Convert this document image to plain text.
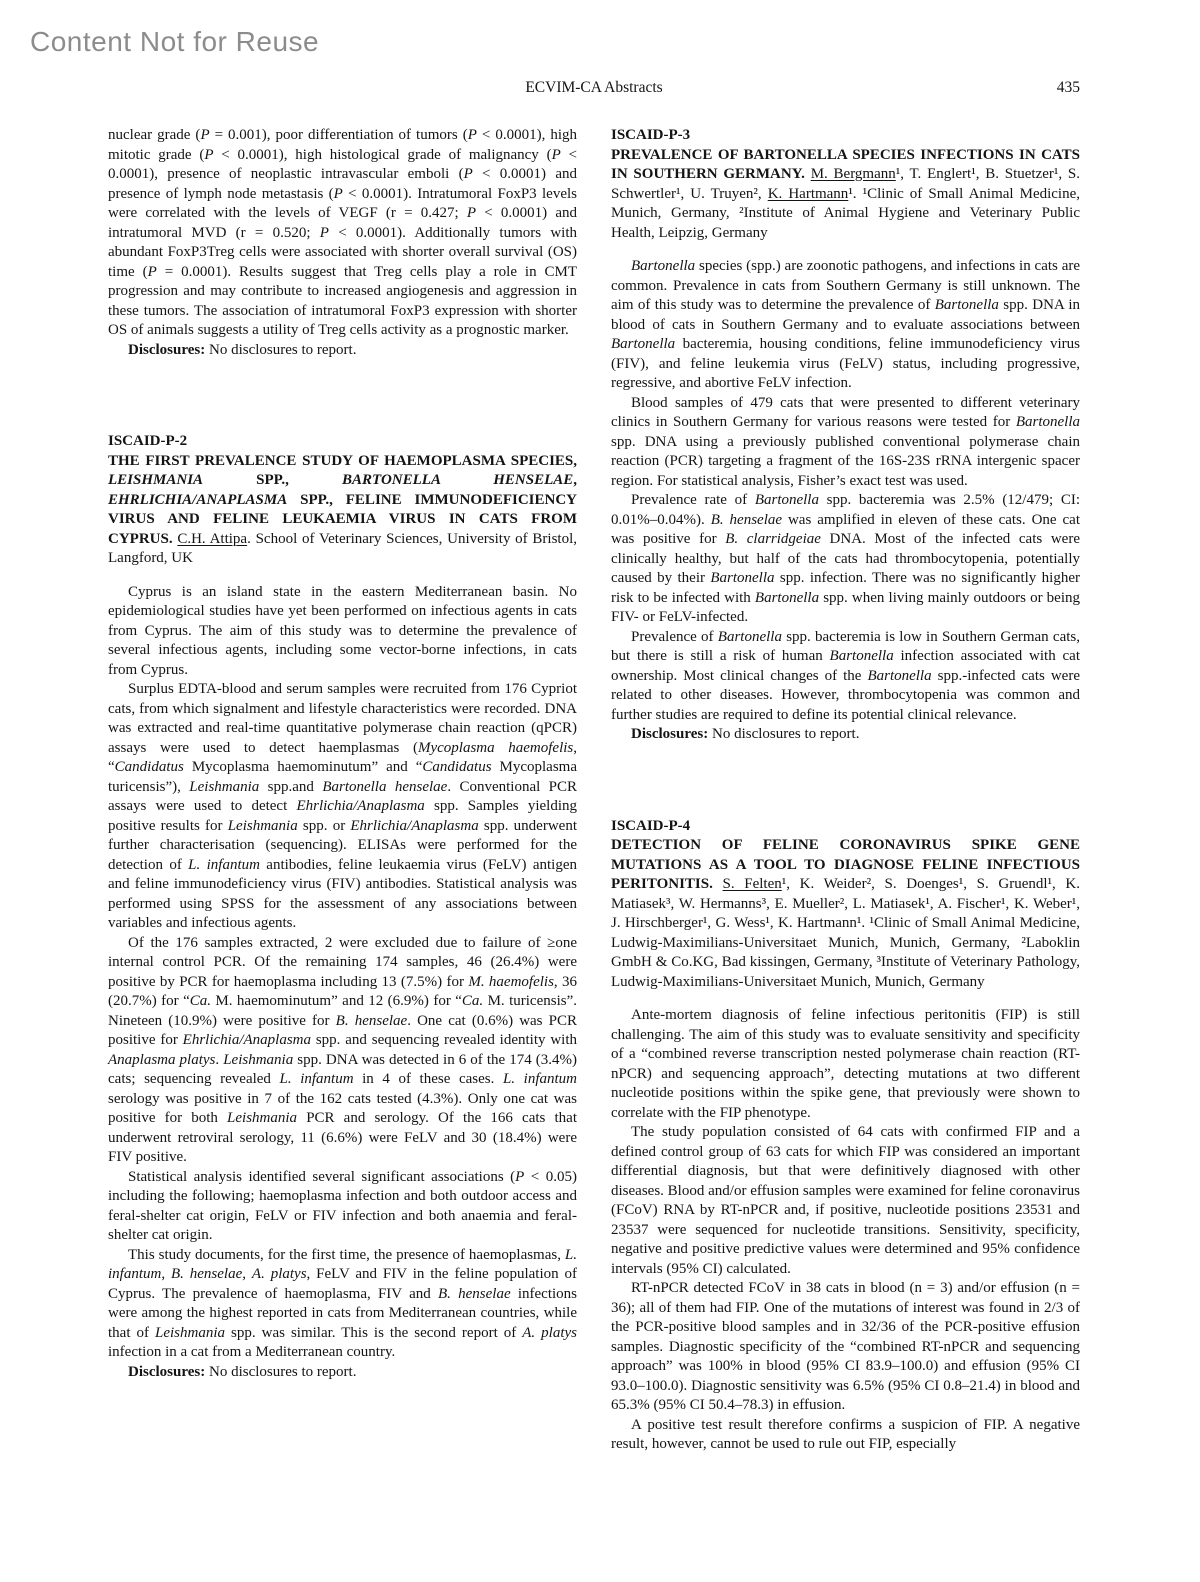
Content Not for Reuse
ECVIM-CA Abstracts	435

nuclear grade (P = 0.001), poor differentiation of tumors (P < 0.0001), high mitotic grade (P < 0.0001), high histological grade of malignancy (P < 0.0001), presence of neoplastic intravascular emboli (P < 0.0001) and presence of lymph node metastasis (P < 0.0001). Intratumoral FoxP3 levels were correlated with the levels of VEGF (r = 0.427; P < 0.0001) and intratumoral MVD (r = 0.520; P < 0.0001). Additionally tumors with abundant FoxP3Treg cells were associated with shorter overall survival (OS) time (P = 0.0001). Results suggest that Treg cells play a role in CMT progression and may contribute to increased angiogenesis and aggression in these tumors. The association of intratumoral FoxP3 expression with shorter OS of animals suggests a utility of Treg cells activity as a prognostic marker.

Disclosures: No disclosures to report.

ISCAID-P-2
THE FIRST PREVALENCE STUDY OF HAEMOPLASMA SPECIES, LEISHMANIA SPP., BARTONELLA HENSELAE, EHRLICHIA/ANAPLASMA SPP., FELINE IMMUNODEFICIENCY VIRUS AND FELINE LEUKAEMIA VIRUS IN CATS FROM CYPRUS. C.H. Attipa. School of Veterinary Sciences, University of Bristol, Langford, UK

Cyprus is an island state in the eastern Mediterranean basin. No epidemiological studies have yet been performed on infectious agents in cats from Cyprus. The aim of this study was to determine the prevalence of several infectious agents, including some vector-borne infections, in cats from Cyprus.

Surplus EDTA-blood and serum samples were recruited from 176 Cypriot cats, from which signalment and lifestyle characteristics were recorded. DNA was extracted and real-time quantitative polymerase chain reaction (qPCR) assays were used to detect haemplasmas (Mycoplasma haemofelis, “Candidatus Mycoplasma haemominutum” and “Candidatus Mycoplasma turicensis”), Leishmania spp.and Bartonella henselae. Conventional PCR assays were used to detect Ehrlichia/Anaplasma spp. Samples yielding positive results for Leishmania spp. or Ehrlichia/Anaplasma spp. underwent further characterisation (sequencing). ELISAs were performed for the detection of L. infantum antibodies, feline leukaemia virus (FeLV) antigen and feline immunodeficiency virus (FIV) antibodies. Statistical analysis was performed using SPSS for the assessment of any associations between variables and infectious agents.

Of the 176 samples extracted, 2 were excluded due to failure of ≥one internal control PCR. Of the remaining 174 samples, 46 (26.4%) were positive by PCR for haemoplasma including 13 (7.5%) for M. haemofelis, 36 (20.7%) for “Ca. M. haemominutum” and 12 (6.9%) for “Ca. M. turicensis”. Nineteen (10.9%) were positive for B. henselae. One cat (0.6%) was PCR positive for Ehrlichia/Anaplasma spp. and sequencing revealed identity with Anaplasma platys. Leishmania spp. DNA was detected in 6 of the 174 (3.4%) cats; sequencing revealed L. infantum in 4 of these cases. L. infantum serology was positive in 7 of the 162 cats tested (4.3%). Only one cat was positive for both Leishmania PCR and serology. Of the 166 cats that underwent retroviral serology, 11 (6.6%) were FeLV and 30 (18.4%) were FIV positive.

Statistical analysis identified several significant associations (P < 0.05) including the following; haemoplasma infection and both outdoor access and feral-shelter cat origin, FeLV or FIV infection and both anaemia and feral-shelter cat origin.

This study documents, for the first time, the presence of haemoplasmas, L. infantum, B. henselae, A. platys, FeLV and FIV in the feline population of Cyprus. The prevalence of haemoplasma, FIV and B. henselae infections were among the highest reported in cats from Mediterranean countries, while that of Leishmania spp. was similar. This is the second report of A. platys infection in a cat from a Mediterranean country.

Disclosures: No disclosures to report.

ISCAID-P-3
PREVALENCE OF BARTONELLA SPECIES INFECTIONS IN CATS IN SOUTHERN GERMANY. M. Bergmann¹, T. Englert¹, B. Stuetzer¹, S. Schwertler¹, U. Truyen², K. Hartmann¹. ¹Clinic of Small Animal Medicine, Munich, Germany, ²Institute of Animal Hygiene and Veterinary Public Health, Leipzig, Germany

Bartonella species (spp.) are zoonotic pathogens, and infections in cats are common. Prevalence in cats from Southern Germany is still unknown. The aim of this study was to determine the prevalence of Bartonella spp. DNA in blood of cats in Southern Germany and to evaluate associations between Bartonella bacteremia, housing conditions, feline immunodeficiency virus (FIV), and feline leukemia virus (FeLV) status, including progressive, regressive, and abortive FeLV infection.

Blood samples of 479 cats that were presented to different veterinary clinics in Southern Germany for various reasons were tested for Bartonella spp. DNA using a previously published conventional polymerase chain reaction (PCR) targeting a fragment of the 16S-23S rRNA intergenic spacer region. For statistical analysis, Fisher’s exact test was used.

Prevalence rate of Bartonella spp. bacteremia was 2.5% (12/479; CI: 0.01%–0.04%). B. henselae was amplified in eleven of these cats. One cat was positive for B. clarridgeiae DNA. Most of the infected cats were clinically healthy, but half of the cats had thrombocytopenia, potentially caused by their Bartonella spp. infection. There was no significantly higher risk to be infected with Bartonella spp. when living mainly outdoors or being FIV- or FeLV-infected.

Prevalence of Bartonella spp. bacteremia is low in Southern German cats, but there is still a risk of human Bartonella infection associated with cat ownership. Most clinical changes of the Bartonella spp.-infected cats were related to other diseases. However, thrombocytopenia was common and further studies are required to define its potential clinical relevance.

Disclosures: No disclosures to report.

ISCAID-P-4
DETECTION OF FELINE CORONAVIRUS SPIKE GENE MUTATIONS AS A TOOL TO DIAGNOSE FELINE INFECTIOUS PERITONITIS. S. Felten¹, K. Weider², S. Doenges¹, S. Gruendl¹, K. Matiasek³, W. Hermanns³, E. Mueller², L. Matiasek¹, A. Fischer¹, K. Weber¹, J. Hirschberger¹, G. Wess¹, K. Hartmann¹. ¹Clinic of Small Animal Medicine, Ludwig-Maximilians-Universitaet Munich, Munich, Germany, ²Laboklin GmbH & Co.KG, Bad kissingen, Germany, ³Institute of Veterinary Pathology, Ludwig-Maximilians-Universitaet Munich, Munich, Germany

Ante-mortem diagnosis of feline infectious peritonitis (FIP) is still challenging. The aim of this study was to evaluate sensitivity and specificity of a “combined reverse transcription nested polymerase chain reaction (RT-nPCR) and sequencing approach”, detecting mutations at two different nucleotide positions within the spike gene, that previously were shown to correlate with the FIP phenotype.

The study population consisted of 64 cats with confirmed FIP and a defined control group of 63 cats for which FIP was considered an important differential diagnosis, but that were definitively diagnosed with other diseases. Blood and/or effusion samples were examined for feline coronavirus (FCoV) RNA by RT-nPCR and, if positive, nucleotide positions 23531 and 23537 were sequenced for nucleotide transitions. Sensitivity, specificity, negative and positive predictive values were determined and 95% confidence intervals (95% CI) calculated.

RT-nPCR detected FCoV in 38 cats in blood (n = 3) and/or effusion (n = 36); all of them had FIP. One of the mutations of interest was found in 2/3 of the PCR-positive blood samples and in 32/36 of the PCR-positive effusion samples. Diagnostic specificity of the “combined RT-nPCR and sequencing approach” was 100% in blood (95% CI 83.9–100.0) and effusion (95% CI 93.0–100.0). Diagnostic sensitivity was 6.5% (95% CI 0.8–21.4) in blood and 65.3% (95% CI 50.4–78.3) in effusion.

A positive test result therefore confirms a suspicion of FIP. A negative result, however, cannot be used to rule out FIP, especially
